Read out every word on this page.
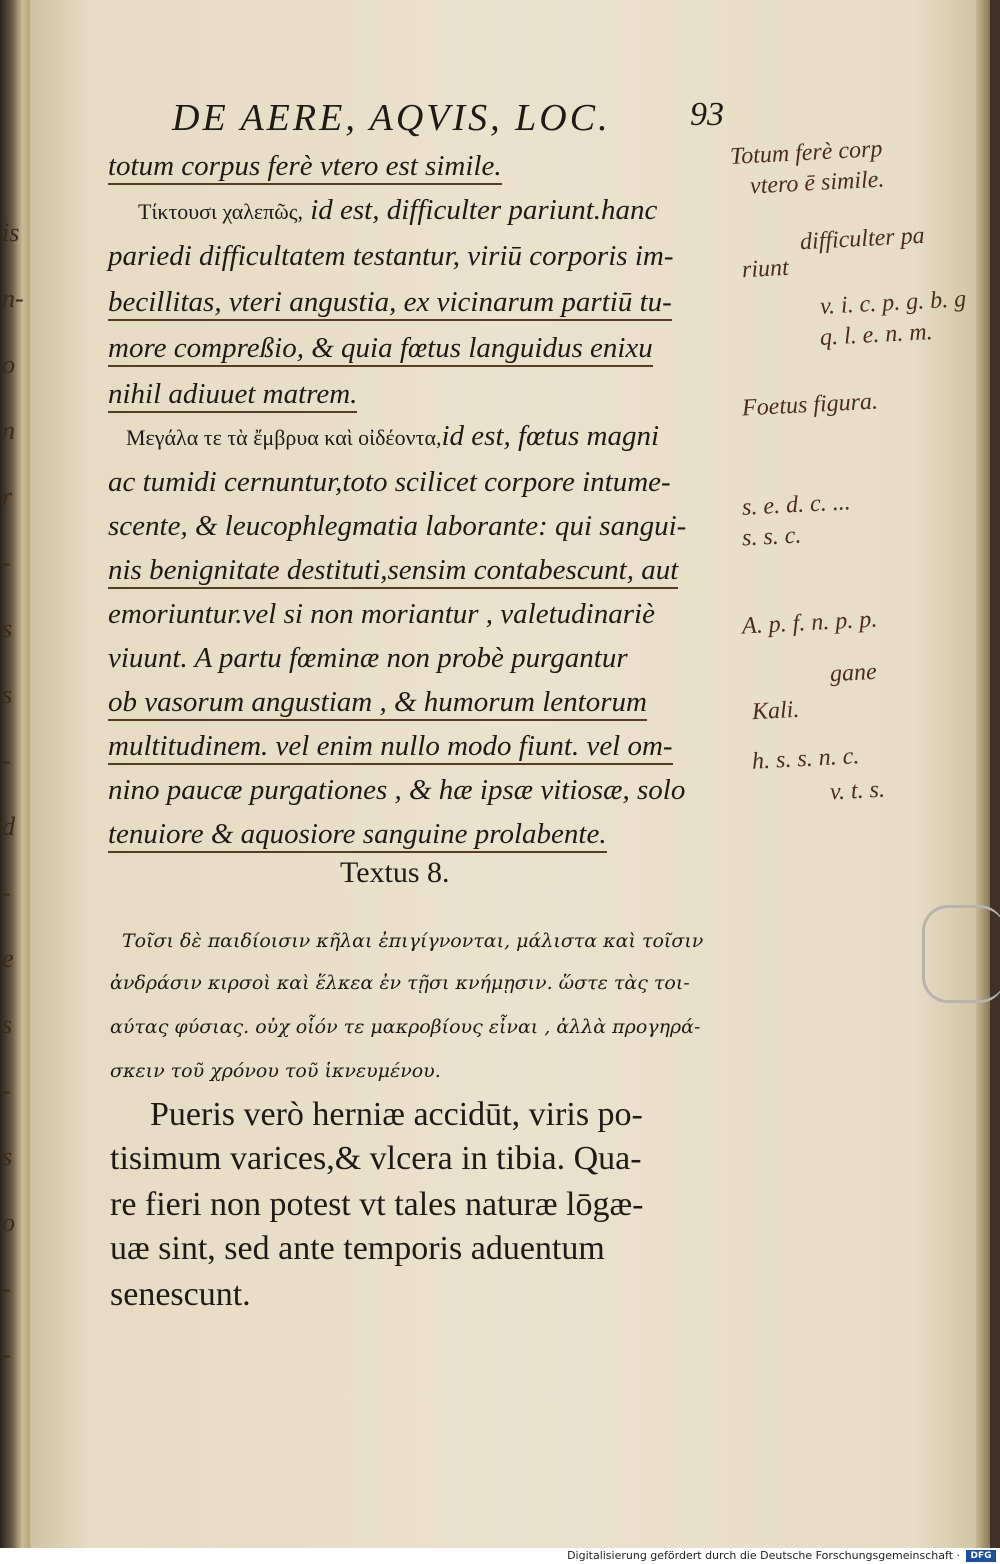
is
n-
o
n
r
-
s
s
-
d
-
e
s
-
s
o
-
-
DE AERE, AQVIS, LOC. 93
totum corpus ferè vtero est simile.
Τίκτουσι χαλεπῶς, id est, difficulter pariunt.hanc
pariedi difficultatem testantur, viriū corporis im-
becillitas, vteri angustia, ex vicinarum partiū tu-
more compreßio, & quia fœtus languidus enixu
nihil adiuuet matrem.
Μεγάλα τε τὰ ἔμβρυα καὶ οἰδέοντα,id est, fœtus magni
ac tumidi cernuntur,toto scilicet corpore intume-
scente, & leucophlegmatia laborante: qui sangui-
nis benignitate destituti,sensim contabescunt, aut
emoriuntur.vel si non moriantur , valetudinariè
viuunt. A partu fœminæ non probè purgantur
ob vasorum angustiam , & humorum lentorum
multitudinem. vel enim nullo modo fiunt. vel om-
nino paucæ purgationes , & hæ ipsæ vitiosæ, solo
tenuiore & aquosiore sanguine prolabente.
Textus 8.
Τοῖσι δὲ παιδίοισιν κῆλαι ἐπιγίγνονται, μάλιστα καὶ τοῖσιν
ἀνδράσιν κιρσοὶ καὶ ἕλκεα ἐν τῇσι κνήμῃσιν. ὥστε τὰς τοι-
αύτας φύσιας. οὐχ οἷόν τε μακροβίους εἶναι , ἀλλὰ προγηρά-
σκειν τοῦ χρόνου τοῦ ἱκνευμένου.
Pueris verò herniæ accidūt, viris po-
tisimum varices,& vlcera in tibia. Qua-
re fieri non potest vt tales naturæ lōgæ-
uæ sint, sed ante temporis aduentum
senescunt.
Totum ferè corp
vtero ē simile.
difficulter pa
riunt
v. i. c. p. g. b. g
q. l. e. n. m.
Foetus figura.
s. e. d. c. ...
s. s. c.
A. p. f. n. p. p.
gane
Kali.
h. s. s. n. c.
v. t. s.
Digitalisierung gefördert durch die Deutsche Forschungsgemeinschaft ·	DFG
